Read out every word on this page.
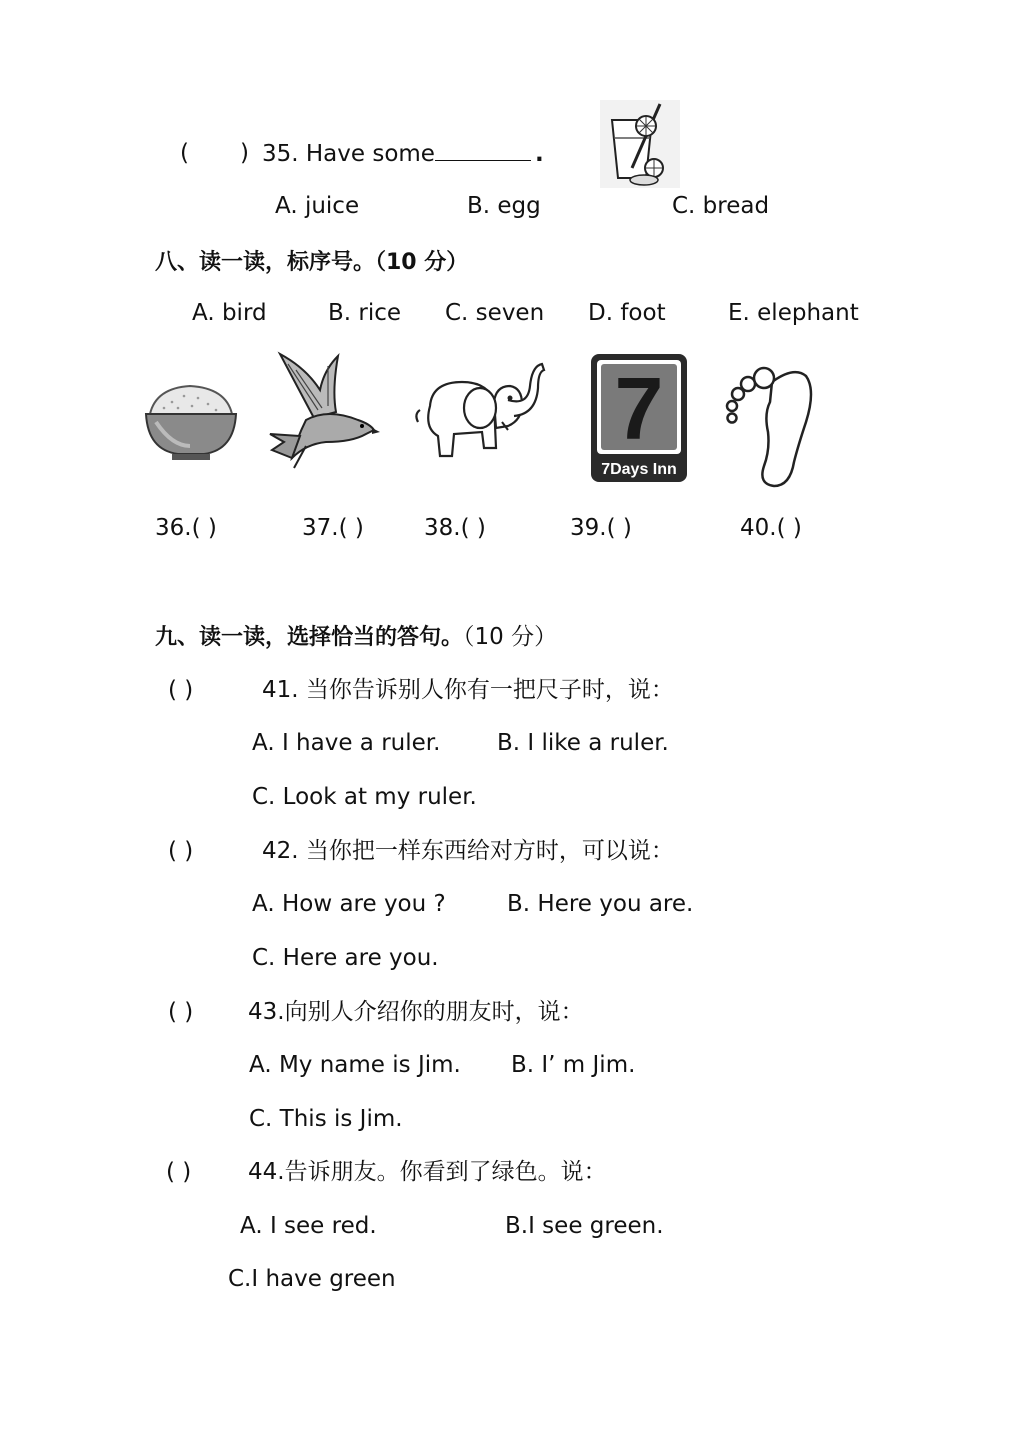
( ) 35. Have some	.
A. juice	B. egg	C. bread
八、读一读，标序号。（10 分）
A. bird	B. rice C. seven D. foot	E. elephant
7
7Days Inn
36.( )	37.( )	38.( )	39.( )	40.( )
九、读一读，选择恰当的答句。（10 分）
( )	41. 当你告诉别人你有一把尺子时，说：
A. I have a ruler. B. I like a ruler.
C. Look at my ruler.
( )	42. 当你把一样东西给对方时，可以说：
A. How are you ?	B. Here you are.
C. Here are you.
( ) 43.向别人介绍你的朋友时，说：
A. My name is Jim. B. I’ m Jim.
C. This is Jim.
( ) 44.告诉朋友。你看到了绿色。说：
A. I see red.	B.I see green.
C.I have green
